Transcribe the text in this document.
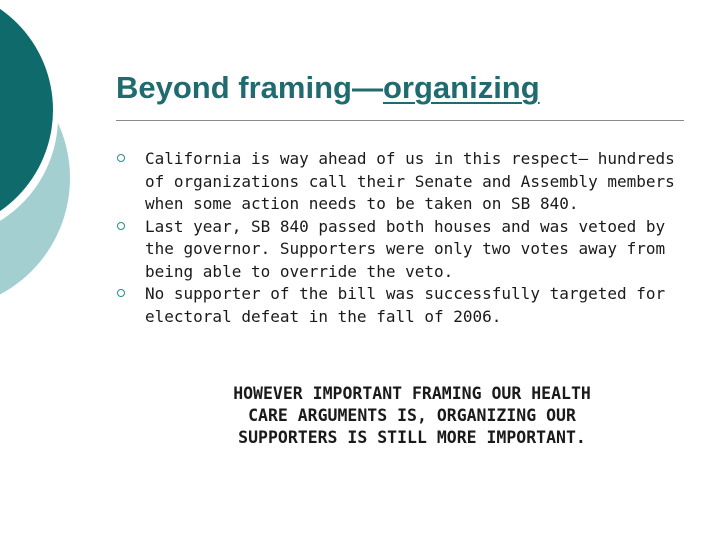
Beyond framing—organizing
California is way ahead of us in this respect— hundreds of organizations call their Senate and Assembly members when some action needs to be taken on SB 840.
Last year, SB 840 passed both houses and was vetoed by the governor. Supporters were only two votes away from being able to override the veto.
No supporter of the bill was successfully targeted for electoral defeat in the fall of 2006.

HOWEVER IMPORTANT FRAMING OUR HEALTH
CARE ARGUMENTS IS, ORGANIZING OUR
SUPPORTERS IS STILL MORE IMPORTANT.
